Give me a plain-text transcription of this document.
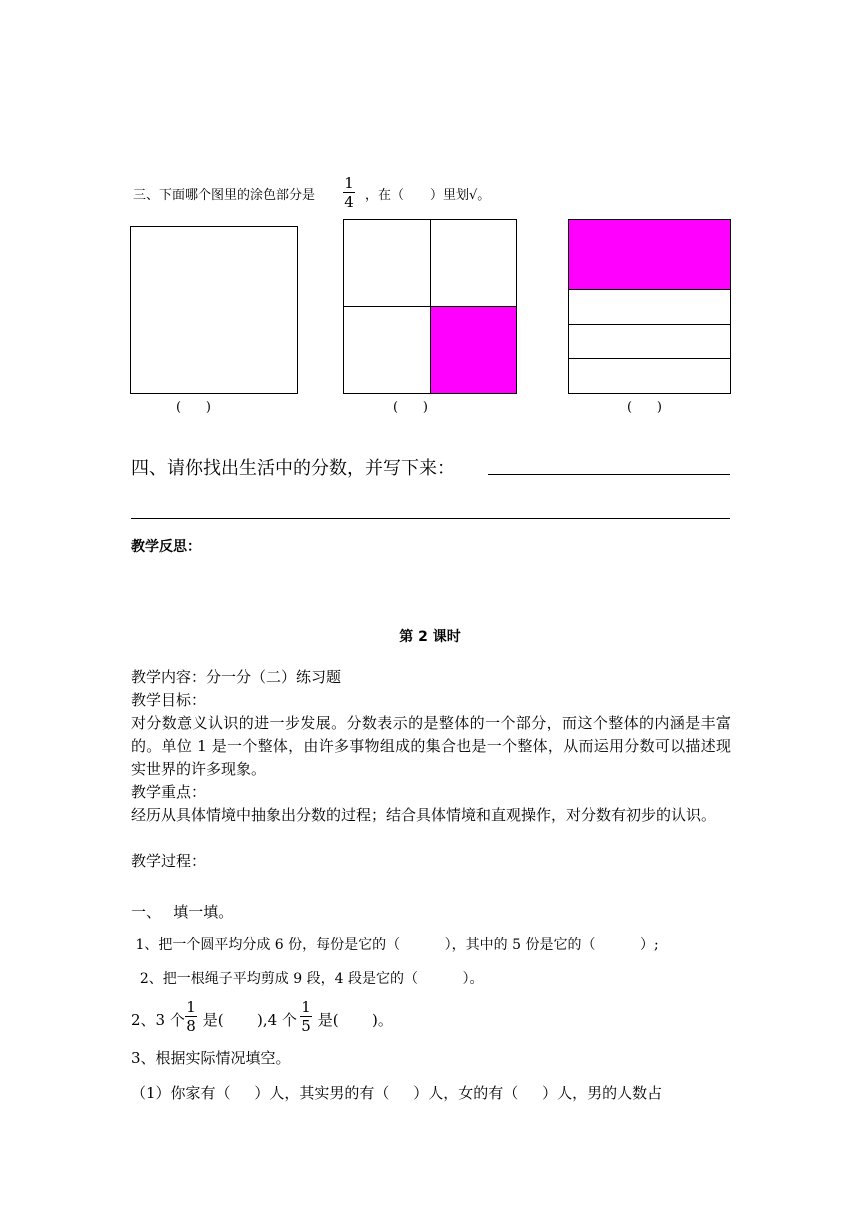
三、下面哪个图里的涂色部分是
1
4 ，在（　　）里划√。
(      )	(      )	(      )
四、请你找出生活中的分数，并写下来：
教学反思：
第 2 课时
教学内容：分一分（二）练习题
教学目标：
对分数意义认识的进一步发展。分数表示的是整体的一个部分，而这个整体的内涵是丰富的。单位 1 是一个整体，由许多事物组成的集合也是一个整体，从而运用分数可以描述现实世界的许多现象。
教学重点：
经历从具体情境中抽象出分数的过程；结合具体情境和直观操作，对分数有初步的认识。
教学过程：
一、　 填一填。
1、把一个圆平均分成 6 份，每份是它的（          ），其中的 5 份是它的（          ）;
2、把一根绳子平均剪成 9 段，4 段是它的（          ）。
2、3 个
1
8 是(       ),4 个
1
5 是(       )。
3、根据实际情况填空。
（1）你家有（     ）人，其实男的有（     ）人，女的有（     ）人，男的人数占
